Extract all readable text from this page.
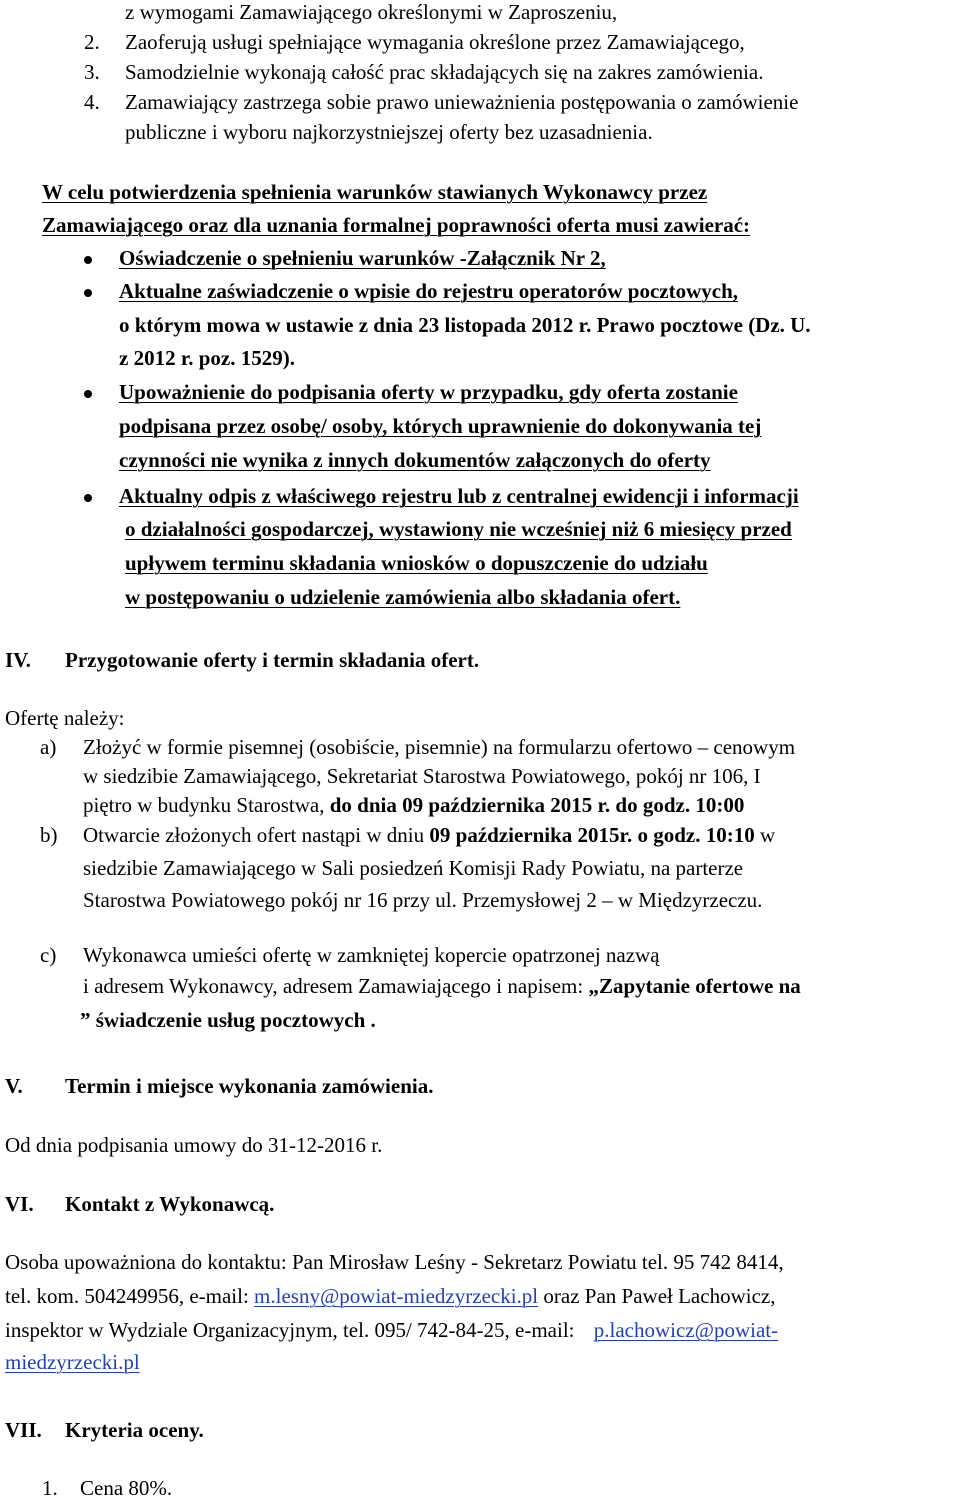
z wymogami Zamawiającego określonymi w Zaproszeniu,
2. Zaoferują usługi spełniające wymagania określone przez Zamawiającego,
3. Samodzielnie wykonają całość prac składających się na zakres zamówienia.
4. Zamawiający zastrzega sobie prawo unieważnienia postępowania o zamówienie
publiczne i wyboru najkorzystniejszej oferty bez uzasadnienia.
W celu potwierdzenia spełnienia warunków stawianych Wykonawcy przez
Zamawiającego oraz dla uznania formalnej poprawności oferta musi zawierać:
Oświadczenie o spełnieniu warunków -Załącznik Nr 2,
Aktualne zaświadczenie o wpisie do rejestru operatorów pocztowych,
o którym mowa w ustawie z dnia 23 listopada 2012 r. Prawo pocztowe (Dz. U.
z 2012 r. poz. 1529).
Upoważnienie do podpisania oferty w przypadku, gdy oferta zostanie
podpisana przez osobę/ osoby, których uprawnienie do dokonywania tej
czynności nie wynika z innych dokumentów załączonych do oferty
Aktualny odpis z właściwego rejestru lub z centralnej ewidencji i informacji
o działalności gospodarczej, wystawiony nie wcześniej niż 6 miesięcy przed
upływem terminu składania wniosków o dopuszczenie do udziału
w postępowaniu o udzielenie zamówienia albo składania ofert.
IV. Przygotowanie oferty i termin składania ofert.
Ofertę należy:
a) Złożyć w formie pisemnej (osobiście, pisemnie) na formularzu ofertowo – cenowym
w siedzibie Zamawiającego, Sekretariat Starostwa Powiatowego, pokój nr 106, I
piętro w budynku Starostwa, do dnia 09 października 2015 r. do godz. 10:00
b) Otwarcie złożonych ofert nastąpi w dniu 09 października 2015r. o godz. 10:10 w
siedzibie Zamawiającego w Sali posiedzeń Komisji Rady Powiatu, na parterze
Starostwa Powiatowego pokój nr 16 przy ul. Przemysłowej 2 – w Międzyrzeczu.
c) Wykonawca umieści ofertę w zamkniętej kopercie opatrzonej nazwą
i adresem Wykonawcy, adresem Zamawiającego i napisem: „Zapytanie ofertowe na
” świadczenie usług pocztowych .
V. Termin i miejsce wykonania zamówienia.
Od dnia podpisania umowy do 31-12-2016 r.
VI. Kontakt z Wykonawcą.
Osoba upoważniona do kontaktu: Pan Mirosław Leśny - Sekretarz Powiatu tel. 95 742 8414,
tel. kom. 504249956, e-mail: m.lesny@powiat-miedzyrzecki.pl oraz Pan Paweł Lachowicz,
inspektor w Wydziale Organizacyjnym, tel. 095/ 742-84-25, e-mail: p.lachowicz@powiat-
miedzyrzecki.pl
VII. Kryteria oceny.
1. Cena 80%.
